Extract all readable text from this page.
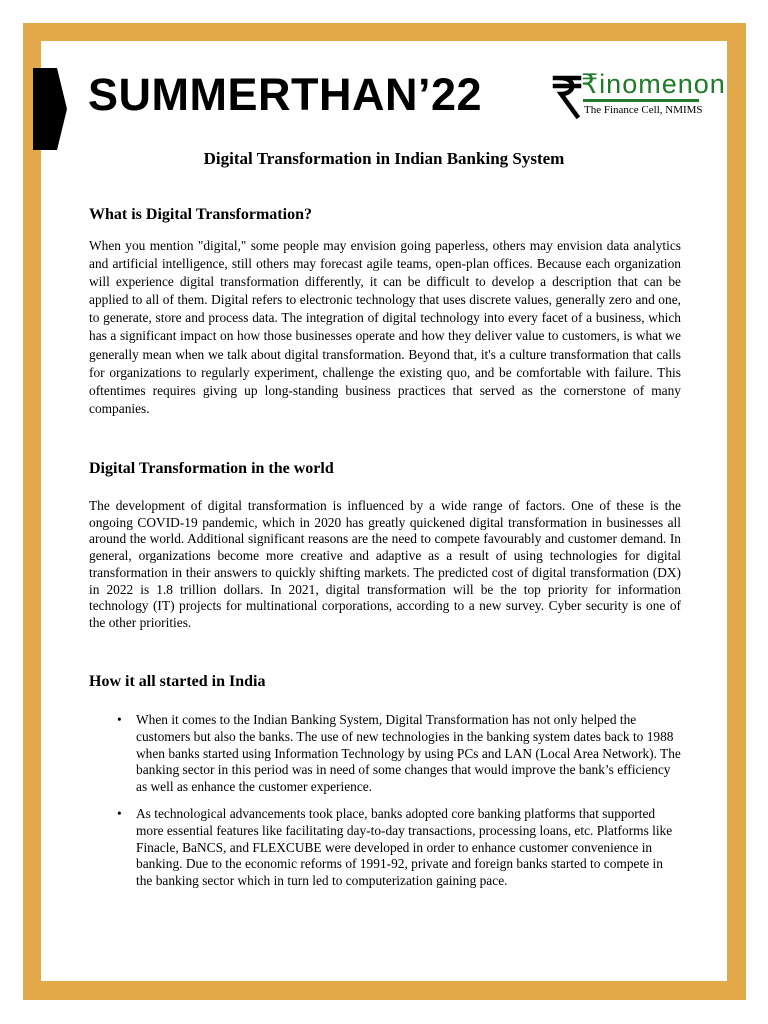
SUMMERTHAN’22	₹inomenon
The Finance Cell, NMIMS
Digital Transformation in Indian Banking System
What is Digital Transformation?

When you mention "digital," some people may envision going paperless, others may envision data analytics and artificial intelligence, still others may forecast agile teams, open-plan offices. Because each organization will experience digital transformation differently, it can be difficult to develop a description that can be applied to all of them. Digital refers to electronic technology that uses discrete values, generally zero and one, to generate, store and process data. The integration of digital technology into every facet of a business, which has a significant impact on how those businesses operate and how they deliver value to customers, is what we generally mean when we talk about digital transformation. Beyond that, it's a culture transformation that calls for organizations to regularly experiment, challenge the existing quo, and be comfortable with failure. This oftentimes requires giving up long-standing business practices that served as the cornerstone of many companies.

Digital Transformation in the world

The development of digital transformation is influenced by a wide range of factors. One of these is the ongoing COVID-19 pandemic, which in 2020 has greatly quickened digital transformation in businesses all around the world. Additional significant reasons are the need to compete favourably and customer demand. In general, organizations become more creative and adaptive as a result of using technologies for digital transformation in their answers to quickly shifting markets. The predicted cost of digital transformation (DX) in 2022 is 1.8 trillion dollars. In 2021, digital transformation will be the top priority for information technology (IT) projects for multinational corporations, according to a new survey. Cyber security is one of the other priorities.

How it all started in India
• When it comes to the Indian Banking System, Digital Transformation has not only helped the customers but also the banks. The use of new technologies in the banking system dates back to 1988 when banks started using Information Technology by using PCs and LAN (Local Area Network). The banking sector in this period was in need of some changes that would improve the bank’s efficiency as well as enhance the customer experience.
• As technological advancements took place, banks adopted core banking platforms that supported more essential features like facilitating day-to-day transactions, processing loans, etc. Platforms like Finacle, BaNCS, and FLEXCUBE were developed in order to enhance customer convenience in banking. Due to the economic reforms of 1991-92, private and foreign banks started to compete in the banking sector which in turn led to computerization gaining pace.
